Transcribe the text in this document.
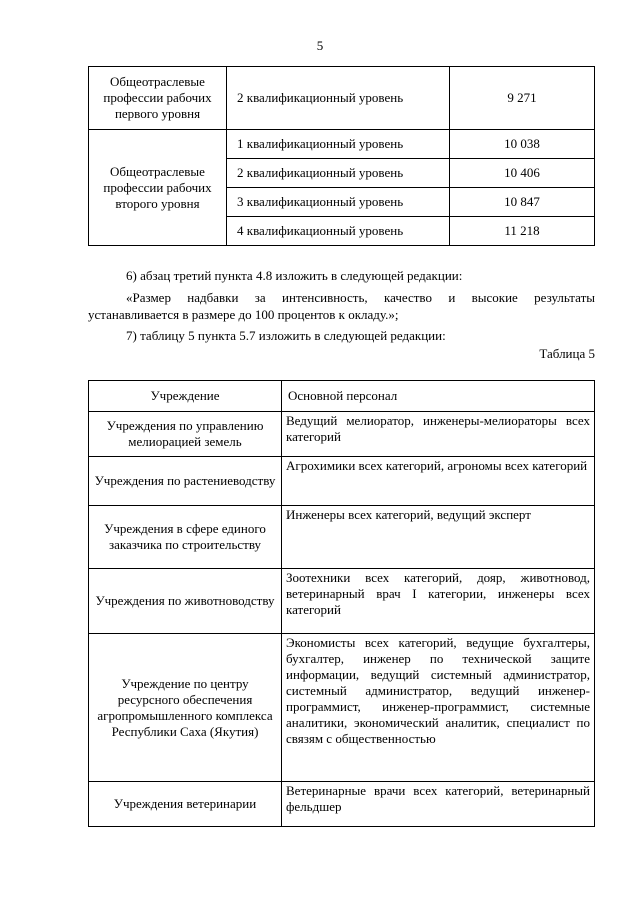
5
Общеотраслевые профессии рабочих первого уровня	2 квалификационный уровень	9 271
Общеотраслевые профессии рабочих второго уровня	1 квалификационный уровень	10 038
	2 квалификационный уровень	10 406
	3 квалификационный уровень	10 847
	4 квалификационный уровень	11 218
6) абзац третий пункта 4.8 изложить в следующей редакции:
«Размер надбавки за интенсивность, качество и высокие результаты устанавливается в размере до 100 процентов к окладу.»;
7) таблицу 5 пункта 5.7 изложить в следующей редакции:
Таблица 5
Учреждение	Основной персонал
Учреждения по управлению мелиорацией земель	Ведущий мелиоратор, инженеры-мелиораторы всех категорий
Учреждения по растениеводству	Агрохимики всех категорий, агрономы всех категорий
Учреждения в сфере единого заказчика по строительству	Инженеры всех категорий, ведущий эксперт
Учреждения по животноводству	Зоотехники всех категорий, дояр, животновод, ветеринарный врач I категории, инженеры всех категорий
Учреждение по центру ресурсного обеспечения агропромышленного комплекса Республики Саха (Якутия)	Экономисты всех категорий, ведущие бухгалтеры, бухгалтер, инженер по технической защите информации, ведущий системный администратор, системный администратор, ведущий инженер-программист, инженер-программист, системные аналитики, экономический аналитик, специалист по связям с общественностью
Учреждения ветеринарии	Ветеринарные врачи всех категорий, ветеринарный фельдшер
